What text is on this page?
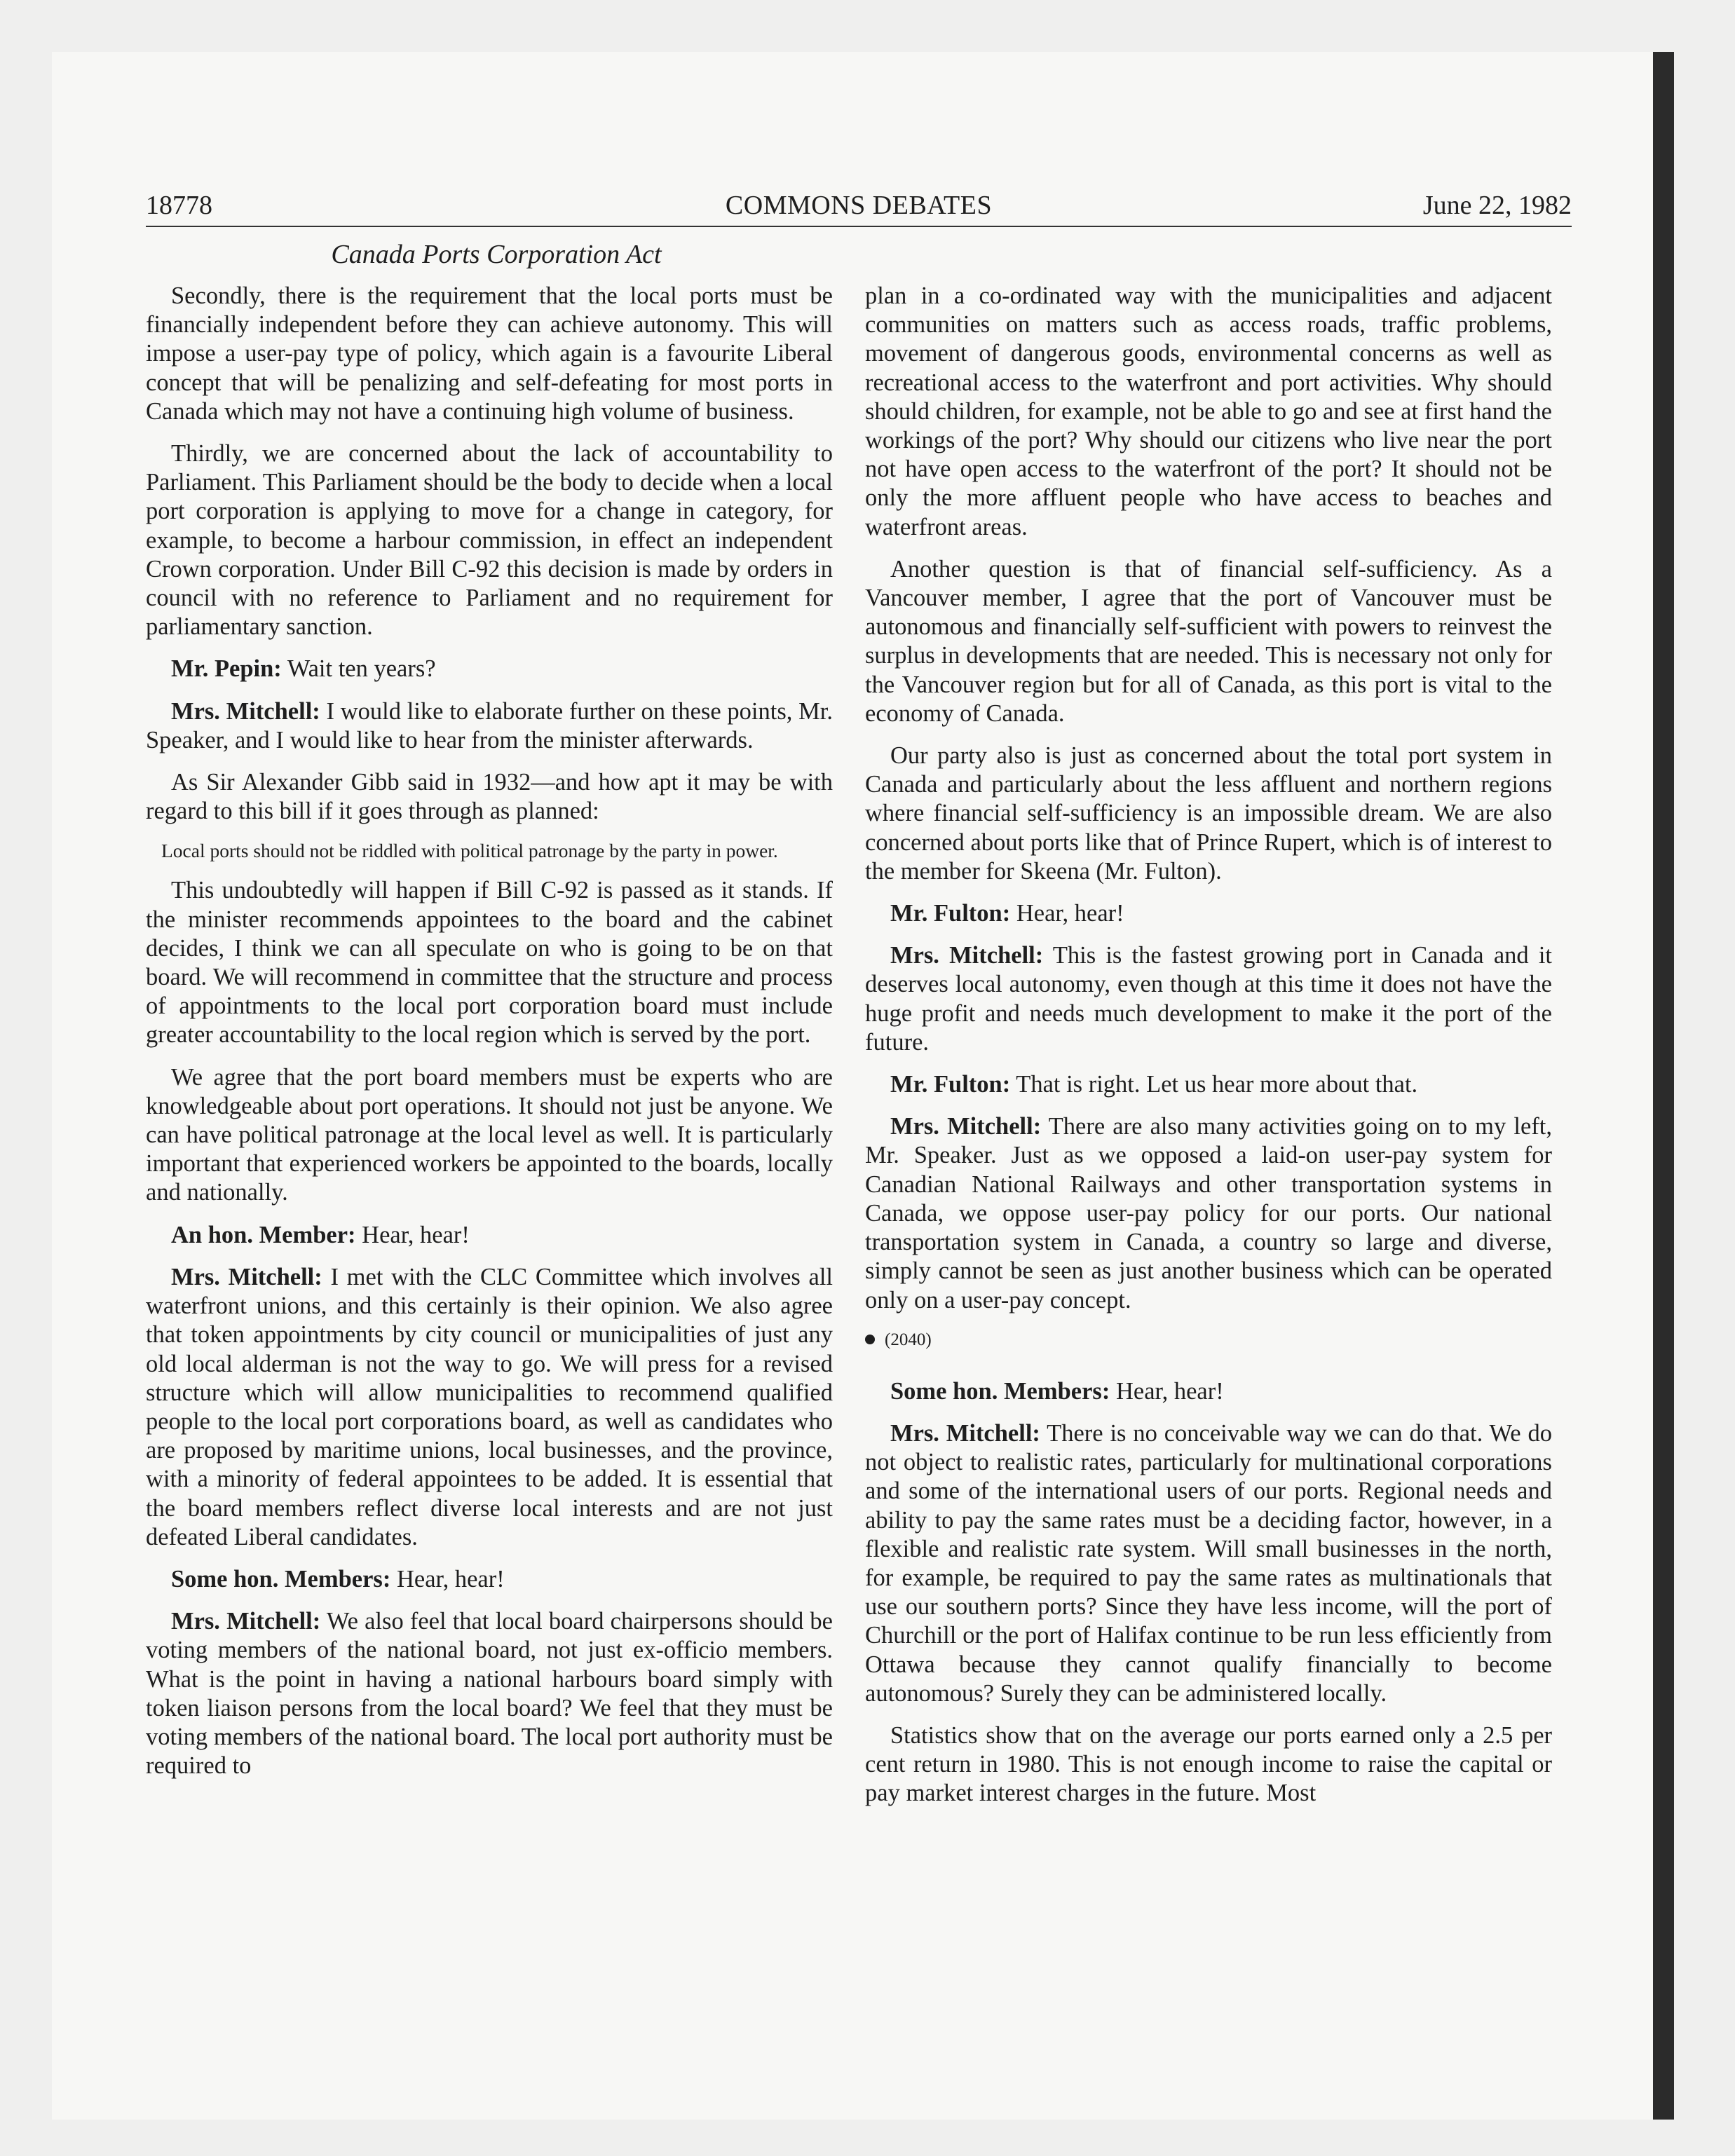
18778	COMMONS DEBATES	June 22, 1982
Canada Ports Corporation Act

Secondly, there is the requirement that the local ports must be financially independent before they can achieve autonomy. This will impose a user-pay type of policy, which again is a favourite Liberal concept that will be penalizing and self-defeating for most ports in Canada which may not have a continuing high volume of business.

Thirdly, we are concerned about the lack of accountability to Parliament. This Parliament should be the body to decide when a local port corporation is applying to move for a change in category, for example, to become a harbour commission, in effect an independent Crown corporation. Under Bill C-92 this decision is made by orders in council with no reference to Parliament and no requirement for parliamentary sanction.

Mr. Pepin: Wait ten years?

Mrs. Mitchell: I would like to elaborate further on these points, Mr. Speaker, and I would like to hear from the minister afterwards.

As Sir Alexander Gibb said in 1932—and how apt it may be with regard to this bill if it goes through as planned:

Local ports should not be riddled with political patronage by the party in power.

This undoubtedly will happen if Bill C-92 is passed as it stands. If the minister recommends appointees to the board and the cabinet decides, I think we can all speculate on who is going to be on that board. We will recommend in committee that the structure and process of appointments to the local port corporation board must include greater accountability to the local region which is served by the port.

We agree that the port board members must be experts who are knowledgeable about port operations. It should not just be anyone. We can have political patronage at the local level as well. It is particularly important that experienced workers be appointed to the boards, locally and nationally.

An hon. Member: Hear, hear!

Mrs. Mitchell: I met with the CLC Committee which involves all waterfront unions, and this certainly is their opinion. We also agree that token appointments by city council or municipalities of just any old local alderman is not the way to go. We will press for a revised structure which will allow municipalities to recommend qualified people to the local port corporations board, as well as candidates who are proposed by maritime unions, local businesses, and the province, with a minority of federal appointees to be added. It is essential that the board members reflect diverse local interests and are not just defeated Liberal candidates.

Some hon. Members: Hear, hear!

Mrs. Mitchell: We also feel that local board chairpersons should be voting members of the national board, not just ex-officio members. What is the point in having a national harbours board simply with token liaison persons from the local board? We feel that they must be voting members of the national board. The local port authority must be required to

plan in a co-ordinated way with the municipalities and adjacent communities on matters such as access roads, traffic problems, movement of dangerous goods, environmental concerns as well as recreational access to the waterfront and port activities. Why should should children, for example, not be able to go and see at first hand the workings of the port? Why should our citizens who live near the port not have open access to the waterfront of the port? It should not be only the more affluent people who have access to beaches and waterfront areas.

Another question is that of financial self-sufficiency. As a Vancouver member, I agree that the port of Vancouver must be autonomous and financially self-sufficient with powers to reinvest the surplus in developments that are needed. This is necessary not only for the Vancouver region but for all of Canada, as this port is vital to the economy of Canada.

Our party also is just as concerned about the total port system in Canada and particularly about the less affluent and northern regions where financial self-sufficiency is an impossible dream. We are also concerned about ports like that of Prince Rupert, which is of interest to the member for Skeena (Mr. Fulton).

Mr. Fulton: Hear, hear!

Mrs. Mitchell: This is the fastest growing port in Canada and it deserves local autonomy, even though at this time it does not have the huge profit and needs much development to make it the port of the future.

Mr. Fulton: That is right. Let us hear more about that.

Mrs. Mitchell: There are also many activities going on to my left, Mr. Speaker. Just as we opposed a laid-on user-pay system for Canadian National Railways and other transportation systems in Canada, we oppose user-pay policy for our ports. Our national transportation system in Canada, a country so large and diverse, simply cannot be seen as just another business which can be operated only on a user-pay concept.

(2040)

Some hon. Members: Hear, hear!

Mrs. Mitchell: There is no conceivable way we can do that. We do not object to realistic rates, particularly for multinational corporations and some of the international users of our ports. Regional needs and ability to pay the same rates must be a deciding factor, however, in a flexible and realistic rate system. Will small businesses in the north, for example, be required to pay the same rates as multinationals that use our southern ports? Since they have less income, will the port of Churchill or the port of Halifax continue to be run less efficiently from Ottawa because they cannot qualify financially to become autonomous? Surely they can be administered locally.

Statistics show that on the average our ports earned only a 2.5 per cent return in 1980. This is not enough income to raise the capital or pay market interest charges in the future. Most
